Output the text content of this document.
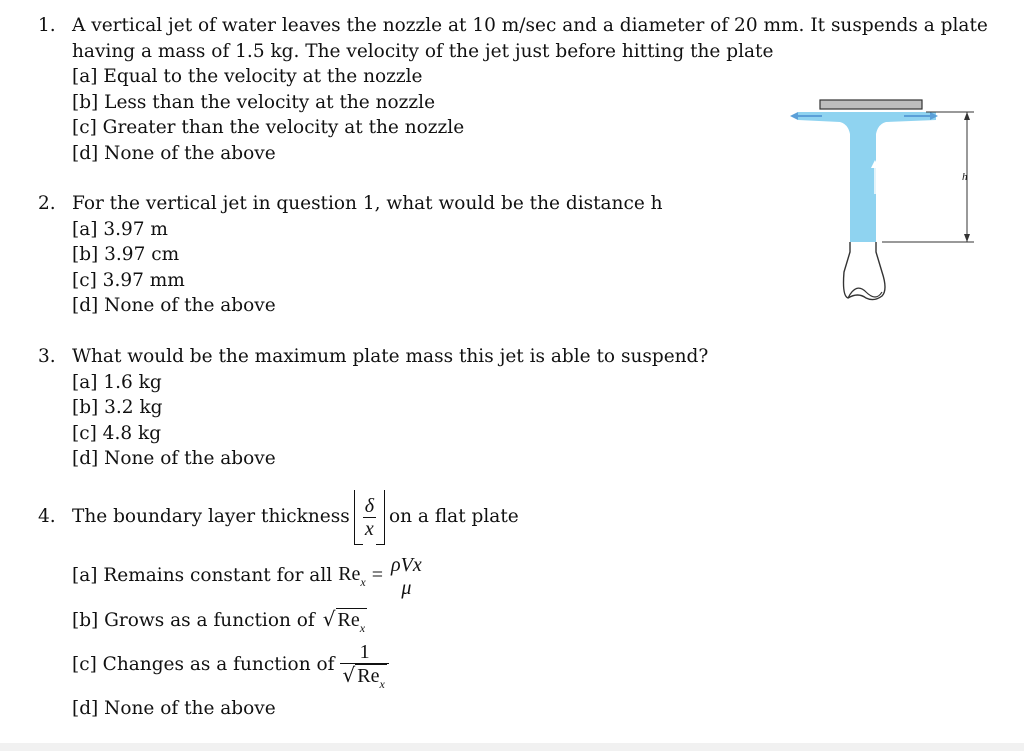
1. A vertical jet of water leaves the nozzle at 10 m/sec and a diameter of 20 mm. It suspends a plate
having a mass of 1.5 kg. The velocity of the jet just before hitting the plate
[a] Equal to the velocity at the nozzle
[b] Less than the velocity at the nozzle
[c] Greater than the velocity at the nozzle
[d] None of the above
2. For the vertical jet in question 1, what would be the distance h
[a] 3.97 m
[b] 3.97 cm
[c] 3.97 mm
[d] None of the above
3. What would be the maximum plate mass this jet is able to suspend?
[a] 1.6 kg
[b] 3.2 kg
[c] 4.8 kg
[d] None of the above
4. The boundary layer thickness $\frac{\delta}{x}$ on a flat plate
[a] Remains constant for all $Re_x = \rho Vx$
μ
[b] Grows as a function of √ $Re_x$
[c] Changes as a function of $\frac{1}{√ Re_x}$
[d] None of the above
h
